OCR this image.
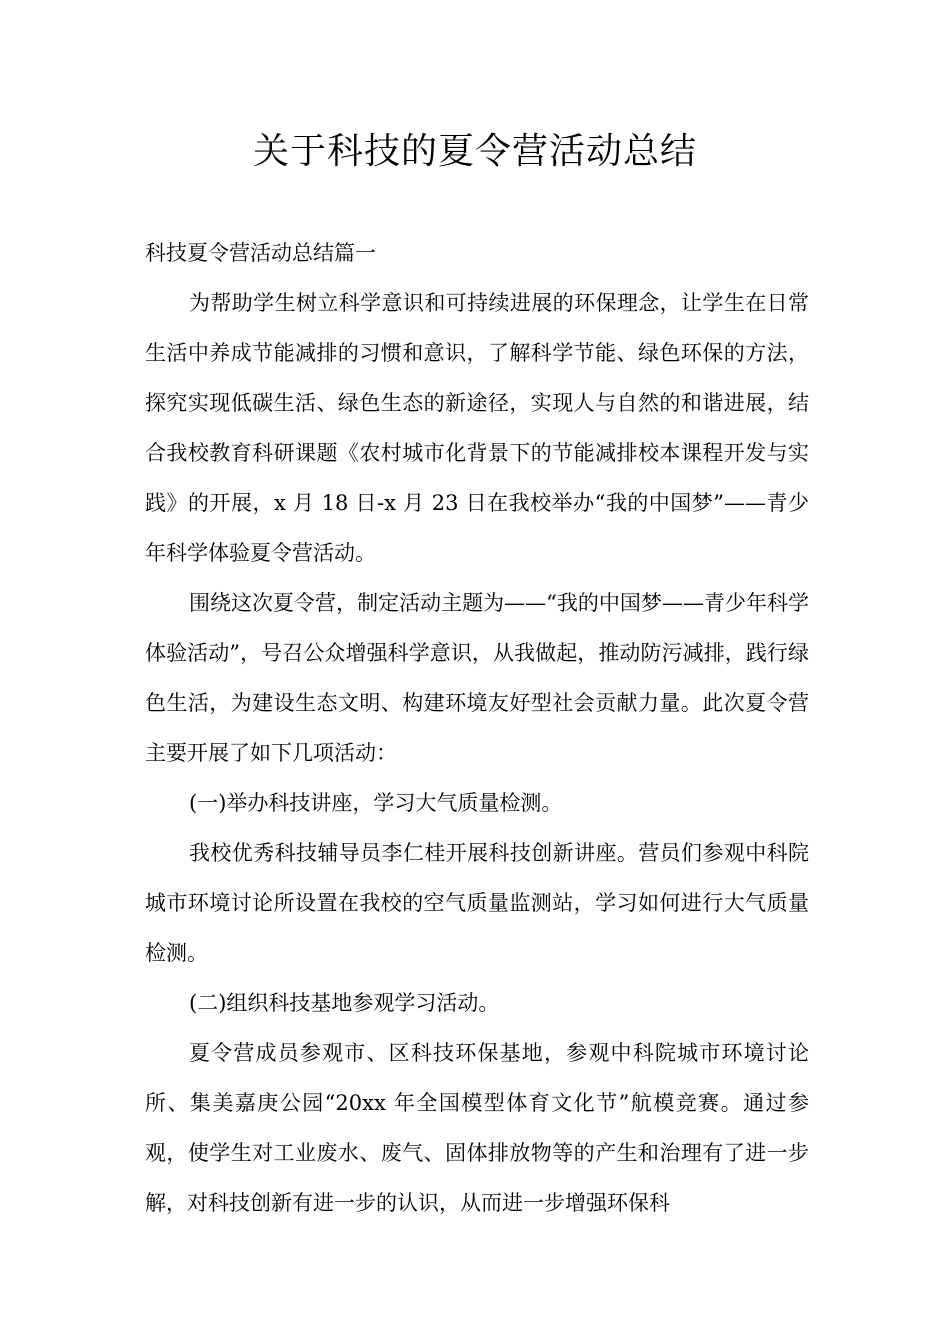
关于科技的夏令营活动总结

科技夏令营活动总结篇一

为帮助学生树立科学意识和可持续进展的环保理念，让学生在日常生活中养成节能减排的习惯和意识，了解科学节能、绿色环保的方法，探究实现低碳生活、绿色生态的新途径，实现人与自然的和谐进展，结合我校教育科研课题《农村城市化背景下的节能减排校本课程开发与实践》的开展，x 月 18 日-x 月 23 日在我校举办“我的中国梦”——青少年科学体验夏令营活动。

围绕这次夏令营，制定活动主题为——“我的中国梦——青少年科学体验活动”，号召公众增强科学意识，从我做起，推动防污减排，践行绿色生活，为建设生态文明、构建环境友好型社会贡献力量。此次夏令营主要开展了如下几项活动：

(一)举办科技讲座，学习大气质量检测。

我校优秀科技辅导员李仁桂开展科技创新讲座。营员们参观中科院城市环境讨论所设置在我校的空气质量监测站，学习如何进行大气质量检测。

(二)组织科技基地参观学习活动。

夏令营成员参观市、区科技环保基地，参观中科院城市环境讨论所、集美嘉庚公园“20xx 年全国模型体育文化节”航模竞赛。通过参观，使学生对工业废水、废气、固体排放物等的产生和治理有了进一步解，对科技创新有进一步的认识，从而进一步增强环保科
